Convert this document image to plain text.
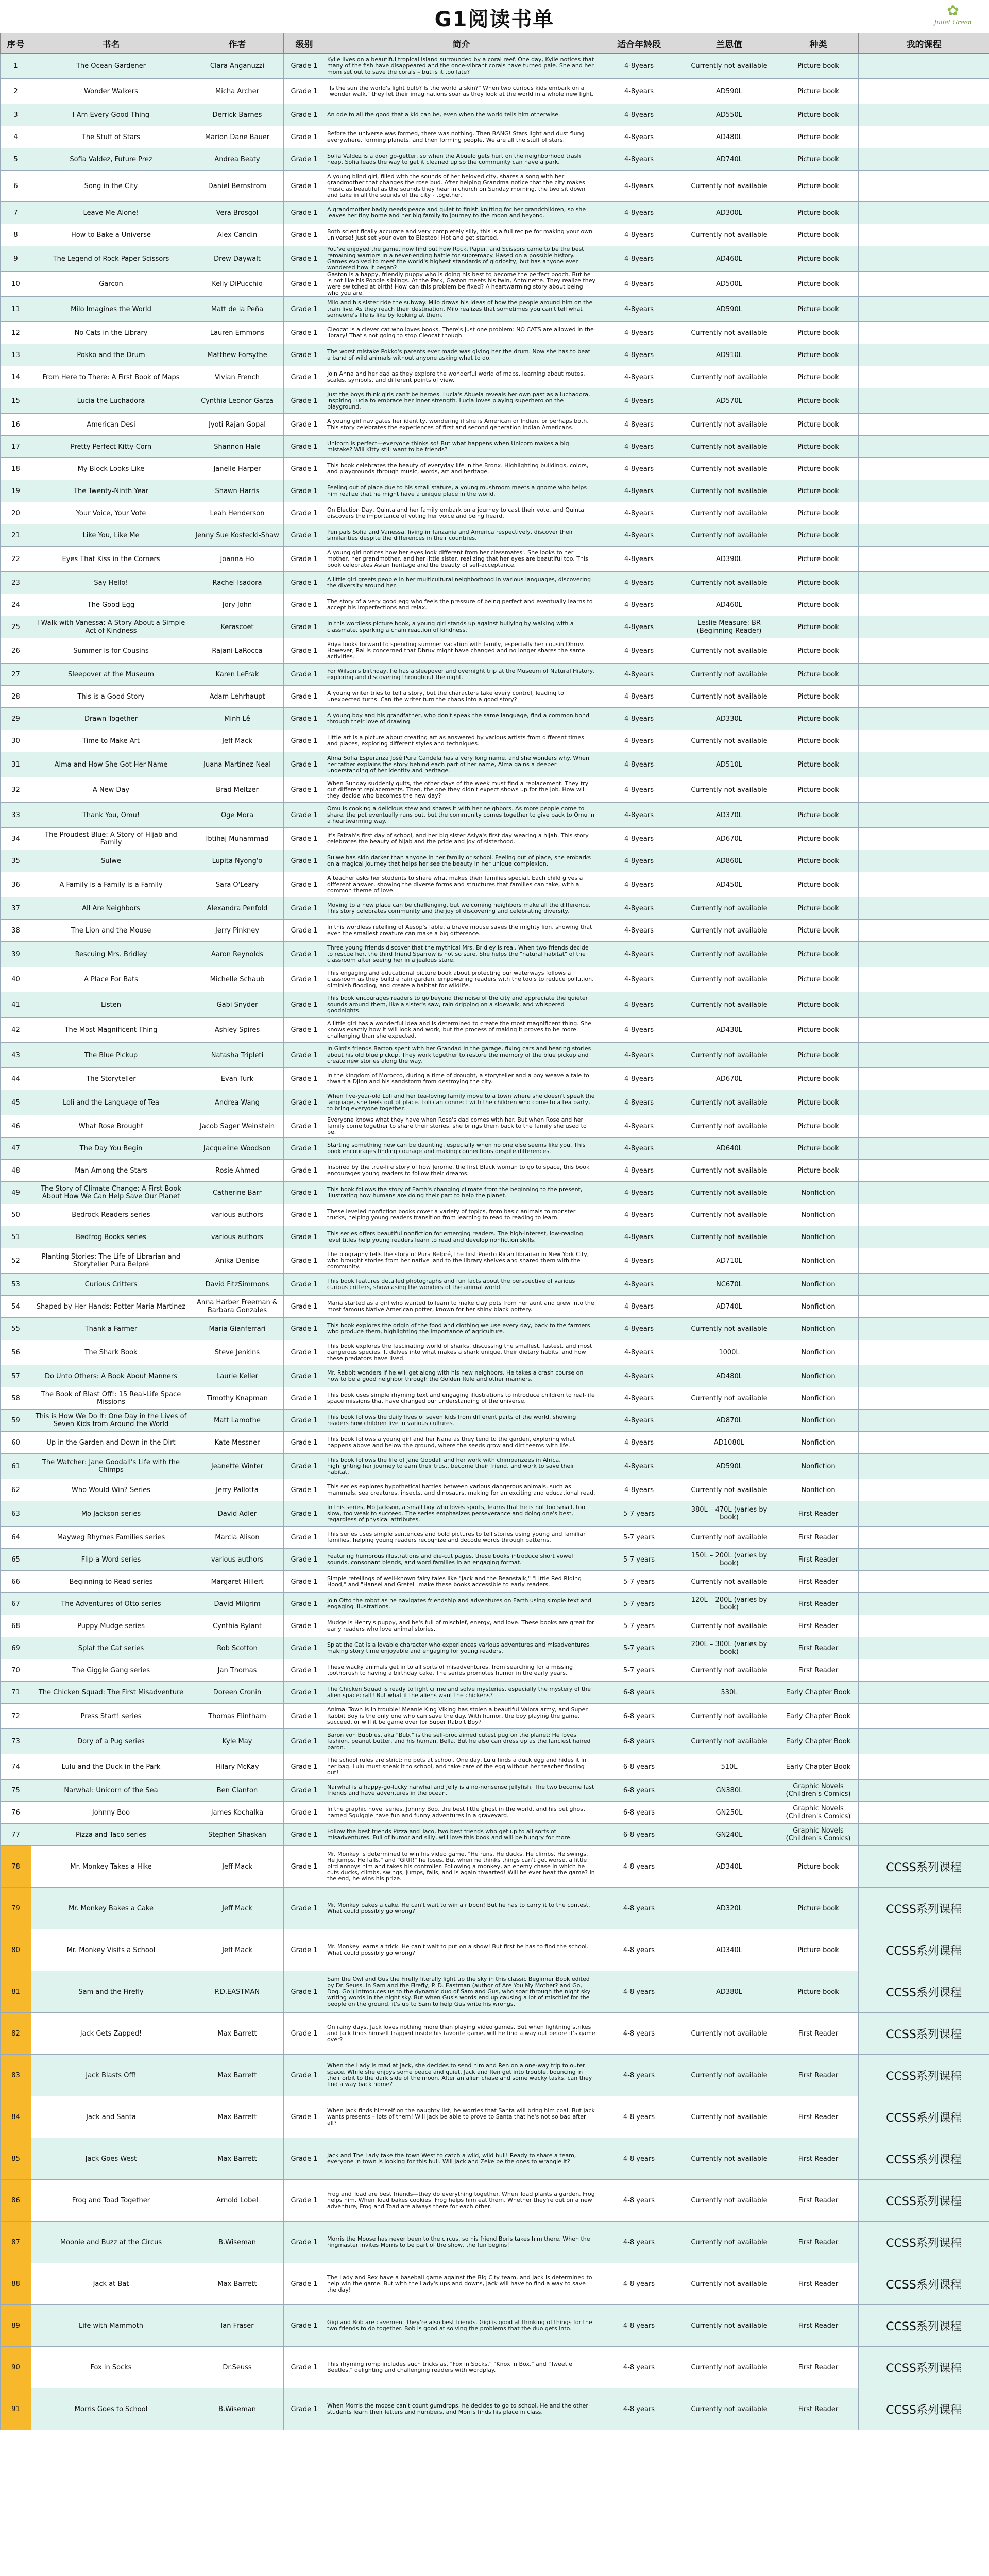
G1阅读书单	✿
Juliet Green
序号	书名	作者	级别	简介	适合年龄段	兰思值	种类	我的课程
1	The Ocean Gardener	Clara Anganuzzi	Grade 1	Kylie lives on a beautiful tropical island surrounded by a coral reef. One day, Kylie notices that many of the fish have disappeared and the once-vibrant corals have turned pale. She and her mom set out to save the corals – but is it too late?	4-8years	Currently not available	Picture book	
2	Wonder Walkers	Micha Archer	Grade 1	"Is the sun the world's light bulb? Is the world a skin?" When two curious kids embark on a "wonder walk," they let their imaginations soar as they look at the world in a whole new light.	4-8years	AD590L	Picture book	
3	I Am Every Good Thing	Derrick Barnes	Grade 1	An ode to all the good that a kid can be, even when the world tells him otherwise.	4-8years	AD550L	Picture book	
4	The Stuff of Stars	Marion Dane Bauer	Grade 1	Before the universe was formed, there was nothing. Then BANG! Stars light and dust flung everywhere, forming planets, and then forming people. We are all the stuff of stars.	4-8years	AD480L	Picture book	
5	Sofia Valdez, Future Prez	Andrea Beaty	Grade 1	Sofia Valdez is a doer go-getter, so when the Abuelo gets hurt on the neighborhood trash heap, Sofia leads the way to get it cleaned up so the community can have a park.	4-8years	AD740L	Picture book	
6	Song in the City	Daniel Bernstrom	Grade 1	A young blind girl, filled with the sounds of her beloved city, shares a song with her grandmother that changes the rose bud. After helping Grandma notice that the city makes music as beautiful as the sounds they hear in church on Sunday morning, the two sit down and take in all the sounds of the city - together.	4-8years	Currently not available	Picture book	
7	Leave Me Alone!	Vera Brosgol	Grade 1	A grandmother badly needs peace and quiet to finish knitting for her grandchildren, so she leaves her tiny home and her big family to journey to the moon and beyond.	4-8years	AD300L	Picture book	
8	How to Bake a Universe	Alex Candin	Grade 1	Both scientifically accurate and very completely silly, this is a full recipe for making your own universe! Just set your oven to Blastoo! Hot and get started.	4-8years	Currently not available	Picture book	
9	The Legend of Rock Paper Scissors	Drew Daywalt	Grade 1	You've enjoyed the game, now find out how Rock, Paper, and Scissors came to be the best remaining warriors in a never-ending battle for supremacy. Based on a possible history. Games evolved to meet the world's highest standards of gloriosity, but has anyone ever wondered how it began?	4-8years	AD460L	Picture book	
10	Garcon	Kelly DiPucchio	Grade 1	Gaston is a happy, friendly puppy who is doing his best to become the perfect pooch. But he is not like his Poodle siblings. At the Park, Gaston meets his twin, Antoinette. They realize they were switched at birth! How can this problem be fixed? A heartwarming story about being who you are.	4-8years	AD500L	Picture book	
11	Milo Imagines the World	Matt de la Peña	Grade 1	Milo and his sister ride the subway. Milo draws his ideas of how the people around him on the train live. As they reach their destination, Milo realizes that sometimes you can't tell what someone's life is like by looking at them.	4-8years	AD590L	Picture book	
12	No Cats in the Library	Lauren Emmons	Grade 1	Cleocat is a clever cat who loves books. There's just one problem: NO CATS are allowed in the library! That's not going to stop Cleocat though.	4-8years	Currently not available	Picture book	
13	Pokko and the Drum	Matthew Forsythe	Grade 1	The worst mistake Pokko's parents ever made was giving her the drum. Now she has to beat a band of wild animals without anyone asking what to do.	4-8years	AD910L	Picture book	
14	From Here to There: A First Book of Maps	Vivian French	Grade 1	Join Anna and her dad as they explore the wonderful world of maps, learning about routes, scales, symbols, and different points of view.	4-8years	Currently not available	Picture book	
15	Lucia the Luchadora	Cynthia Leonor Garza	Grade 1	Just the boys think girls can't be heroes. Lucia's Abuela reveals her own past as a luchadora, inspiring Lucia to embrace her inner strength. Lucia loves playing superhero on the playground.	4-8years	AD570L	Picture book	
16	American Desi	Jyoti Rajan Gopal	Grade 1	A young girl navigates her identity, wondering if she is American or Indian, or perhaps both. This story celebrates the experiences of first and second generation Indian Americans.	4-8years	Currently not available	Picture book	
17	Pretty Perfect Kitty-Corn	Shannon Hale	Grade 1	Unicorn is perfect—everyone thinks so! But what happens when Unicorn makes a big mistake? Will Kitty still want to be friends?	4-8years	Currently not available	Picture book	
18	My Block Looks Like	Janelle Harper	Grade 1	This book celebrates the beauty of everyday life in the Bronx. Highlighting buildings, colors, and playgrounds through music, words, art and heritage.	4-8years	Currently not available	Picture book	
19	The Twenty-Ninth Year	Shawn Harris	Grade 1	Feeling out of place due to his small stature, a young mushroom meets a gnome who helps him realize that he might have a unique place in the world.	4-8years	Currently not available	Picture book	
20	Your Voice, Your Vote	Leah Henderson	Grade 1	On Election Day, Quinta and her family embark on a journey to cast their vote, and Quinta discovers the importance of voting her voice and being heard.	4-8years	Currently not available	Picture book	
21	Like You, Like Me	Jenny Sue Kostecki-Shaw	Grade 1	Pen pals Sofia and Vanessa, living in Tanzania and America respectively, discover their similarities despite the differences in their countries.	4-8years	Currently not available	Picture book	
22	Eyes That Kiss in the Corners	Joanna Ho	Grade 1	A young girl notices how her eyes look different from her classmates'. She looks to her mother, her grandmother, and her little sister, realizing that her eyes are beautiful too. This book celebrates Asian heritage and the beauty of self-acceptance.	4-8years	AD390L	Picture book	
23	Say Hello!	Rachel Isadora	Grade 1	A little girl greets people in her multicultural neighborhood in various languages, discovering the diversity around her.	4-8years	Currently not available	Picture book	
24	The Good Egg	Jory John	Grade 1	The story of a very good egg who feels the pressure of being perfect and eventually learns to accept his imperfections and relax.	4-8years	AD460L	Picture book	
25	I Walk with Vanessa: A Story About a Simple Act of Kindness	Kerascoet	Grade 1	In this wordless picture book, a young girl stands up against bullying by walking with a classmate, sparking a chain reaction of kindness.	4-8years	Leslie Measure: BR (Beginning Reader)	Picture book	
26	Summer is for Cousins	Rajani LaRocca	Grade 1	Priya looks forward to spending summer vacation with family, especially her cousin Dhruv. However, Rai is concerned that Dhruv might have changed and no longer shares the same activities.	4-8years	Currently not available	Picture book	
27	Sleepover at the Museum	Karen LeFrak	Grade 1	For Wilson's birthday, he has a sleepover and overnight trip at the Museum of Natural History, exploring and discovering throughout the night.	4-8years	Currently not available	Picture book	
28	This is a Good Story	Adam Lehrhaupt	Grade 1	A young writer tries to tell a story, but the characters take every control, leading to unexpected turns. Can the writer turn the chaos into a good story?	4-8years	Currently not available	Picture book	
29	Drawn Together	Minh Lê	Grade 1	A young boy and his grandfather, who don't speak the same language, find a common bond through their love of drawing.	4-8years	AD330L	Picture book	
30	Time to Make Art	Jeff Mack	Grade 1	Little art is a picture about creating art as answered by various artists from different times and places, exploring different styles and techniques.	4-8years	Currently not available	Picture book	
31	Alma and How She Got Her Name	Juana Martinez-Neal	Grade 1	Alma Sofia Esperanza José Pura Candela has a very long name, and she wonders why. When her father explains the story behind each part of her name, Alma gains a deeper understanding of her identity and heritage.	4-8years	AD510L	Picture book	
32	A New Day	Brad Meltzer	Grade 1	When Sunday suddenly quits, the other days of the week must find a replacement. They try out different replacements. Then, the one they didn't expect shows up for the job. How will they decide who becomes the new day?	4-8years	Currently not available	Picture book	
33	Thank You, Omu!	Oge Mora	Grade 1	Omu is cooking a delicious stew and shares it with her neighbors. As more people come to share, the pot eventually runs out, but the community comes together to give back to Omu in a heartwarming way.	4-8years	AD370L	Picture book	
34	The Proudest Blue: A Story of Hijab and Family	Ibtihaj Muhammad	Grade 1	It's Faizah's first day of school, and her big sister Asiya's first day wearing a hijab. This story celebrates the beauty of hijab and the pride and joy of sisterhood.	4-8years	AD670L	Picture book	
35	Sulwe	Lupita Nyong'o	Grade 1	Sulwe has skin darker than anyone in her family or school. Feeling out of place, she embarks on a magical journey that helps her see the beauty in her unique complexion.	4-8years	AD860L	Picture book	
36	A Family is a Family is a Family	Sara O'Leary	Grade 1	A teacher asks her students to share what makes their families special. Each child gives a different answer, showing the diverse forms and structures that families can take, with a common theme of love.	4-8years	AD450L	Picture book	
37	All Are Neighbors	Alexandra Penfold	Grade 1	Moving to a new place can be challenging, but welcoming neighbors make all the difference. This story celebrates community and the joy of discovering and celebrating diversity.	4-8years	Currently not available	Picture book	
38	The Lion and the Mouse	Jerry Pinkney	Grade 1	In this wordless retelling of Aesop's fable, a brave mouse saves the mighty lion, showing that even the smallest creature can make a big difference.	4-8years	Currently not available	Picture book	
39	Rescuing Mrs. Bridley	Aaron Reynolds	Grade 1	Three young friends discover that the mythical Mrs. Bridley is real. When two friends decide to rescue her, the third friend Sparrow is not so sure. She helps the "natural habitat" of the classroom after seeing her in a jealous stare.	4-8years	Currently not available	Picture book	
40	A Place For Bats	Michelle Schaub	Grade 1	This engaging and educational picture book about protecting our waterways follows a classroom as they build a rain garden, empowering readers with the tools to reduce pollution, diminish flooding, and create a habitat for wildlife.	4-8years	Currently not available	Picture book	
41	Listen	Gabi Snyder	Grade 1	This book encourages readers to go beyond the noise of the city and appreciate the quieter sounds around them, like a sister's saw, rain dripping on a sidewalk, and whispered goodnights.	4-8years	Currently not available	Picture book	
42	The Most Magnificent Thing	Ashley Spires	Grade 1	A little girl has a wonderful idea and is determined to create the most magnificent thing. She knows exactly how it will look and work, but the process of making it proves to be more challenging than she expected.	4-8years	AD430L	Picture book	
43	The Blue Pickup	Natasha Tripleti	Grade 1	In Gird's friends Barton spent with her Grandad in the garage, fixing cars and hearing stories about his old blue pickup. They work together to restore the memory of the blue pickup and create new stories along the way.	4-8years	Currently not available	Picture book	
44	The Storyteller	Evan Turk	Grade 1	In the kingdom of Morocco, during a time of drought, a storyteller and a boy weave a tale to thwart a Djinn and his sandstorm from destroying the city.	4-8years	AD670L	Picture book	
45	Loli and the Language of Tea	Andrea Wang	Grade 1	When five-year-old Loli and her tea-loving family move to a town where she doesn't speak the language, she feels out of place. Loli can connect with the children who come to a tea party, to bring everyone together.	4-8years	Currently not available	Picture book	
46	What Rose Brought	Jacob Sager Weinstein	Grade 1	Everyone knows what they have when Rose's dad comes with her. But when Rose and her family come together to share their stories, she brings them back to the family she used to be.	4-8years	Currently not available	Picture book	
47	The Day You Begin	Jacqueline Woodson	Grade 1	Starting something new can be daunting, especially when no one else seems like you. This book encourages finding courage and making connections despite differences.	4-8years	AD640L	Picture book	
48	Man Among the Stars	Rosie Ahmed	Grade 1	Inspired by the true-life story of how Jerome, the first Black woman to go to space, this book encourages young readers to follow their dreams.	4-8years	Currently not available	Picture book	
49	The Story of Climate Change: A First Book About How We Can Help Save Our Planet	Catherine Barr	Grade 1	This book follows the story of Earth's changing climate from the beginning to the present, illustrating how humans are doing their part to help the planet.	4-8years	Currently not available	Nonfiction	
50	Bedrock Readers series	various authors	Grade 1	These leveled nonfiction books cover a variety of topics, from basic animals to monster trucks, helping young readers transition from learning to read to reading to learn.	4-8years	Currently not available	Nonfiction	
51	Bedfrog Books series	various authors	Grade 1	This series offers beautiful nonfiction for emerging readers. The high-interest, low-reading level titles help young readers learn to read and develop nonfiction skills.	4-8years	Currently not available	Nonfiction	
52	Planting Stories: The Life of Librarian and Storyteller Pura Belpré	Anika Denise	Grade 1	The biography tells the story of Pura Belpré, the first Puerto Rican librarian in New York City, who brought stories from her native land to the library shelves and shared them with the community.	4-8years	AD710L	Nonfiction	
53	Curious Critters	David FitzSimmons	Grade 1	This book features detailed photographs and fun facts about the perspective of various curious critters, showcasing the wonders of the animal world.	4-8years	NC670L	Nonfiction	
54	Shaped by Her Hands: Potter Maria Martinez	Anna Harber Freeman & Barbara Gonzales	Grade 1	Maria started as a girl who wanted to learn to make clay pots from her aunt and grew into the most famous Native American potter, known for her shiny black pottery.	4-8years	AD740L	Nonfiction	
55	Thank a Farmer	Maria Gianferrari	Grade 1	This book explores the origin of the food and clothing we use every day, back to the farmers who produce them, highlighting the importance of agriculture.	4-8years	Currently not available	Nonfiction	
56	The Shark Book	Steve Jenkins	Grade 1	This book explores the fascinating world of sharks, discussing the smallest, fastest, and most dangerous species. It delves into what makes a shark unique, their dietary habits, and how these predators have lived.	4-8years	1000L	Nonfiction	
57	Do Unto Others: A Book About Manners	Laurie Keller	Grade 1	Mr. Rabbit wonders if he will get along with his new neighbors. He takes a crash course on how to be a good neighbor through the Golden Rule and other manners.	4-8years	AD480L	Nonfiction	
58	The Book of Blast Off!: 15 Real-Life Space Missions	Timothy Knapman	Grade 1	This book uses simple rhyming text and engaging illustrations to introduce children to real-life space missions that have changed our understanding of the universe.	4-8years	Currently not available	Nonfiction	
59	This is How We Do It: One Day in the Lives of Seven Kids from Around the World	Matt Lamothe	Grade 1	This book follows the daily lives of seven kids from different parts of the world, showing readers how children live in various cultures.	4-8years	AD870L	Nonfiction	
60	Up in the Garden and Down in the Dirt	Kate Messner	Grade 1	This book follows a young girl and her Nana as they tend to the garden, exploring what happens above and below the ground, where the seeds grow and dirt teems with life.	4-8years	AD1080L	Nonfiction	
61	The Watcher: Jane Goodall's Life with the Chimps	Jeanette Winter	Grade 1	This book follows the life of Jane Goodall and her work with chimpanzees in Africa, highlighting her journey to earn their trust, become their friend, and work to save their habitat.	4-8years	AD590L	Nonfiction	
62	Who Would Win? Series	Jerry Pallotta	Grade 1	This series explores hypothetical battles between various dangerous animals, such as mammals, sea creatures, insects, and dinosaurs, making for an exciting and educational read.	4-8years	Currently not available	Nonfiction	
63	Mo Jackson series	David Adler	Grade 1	In this series, Mo Jackson, a small boy who loves sports, learns that he is not too small, too slow, too weak to succeed. The series emphasizes perseverance and doing one's best, regardless of physical attributes.	5-7 years	380L – 470L (varies by book)	First Reader	
64	Mayweg Rhymes Families series	Marcia Alison	Grade 1	This series uses simple sentences and bold pictures to tell stories using young and familiar families, helping young readers recognize and decode words through patterns.	5-7 years	Currently not available	First Reader	
65	Flip-a-Word series	various authors	Grade 1	Featuring humorous illustrations and die-cut pages, these books introduce short vowel sounds, consonant blends, and word families in an engaging format.	5-7 years	150L – 200L (varies by book)	First Reader	
66	Beginning to Read series	Margaret Hillert	Grade 1	Simple retellings of well-known fairy tales like "Jack and the Beanstalk," "Little Red Riding Hood," and "Hansel and Gretel" make these books accessible to early readers.	5-7 years	Currently not available	First Reader	
67	The Adventures of Otto series	David Milgrim	Grade 1	Join Otto the robot as he navigates friendship and adventures on Earth using simple text and engaging illustrations.	5-7 years	120L – 200L (varies by book)	First Reader	
68	Puppy Mudge series	Cynthia Rylant	Grade 1	Mudge is Henry's puppy, and he's full of mischief, energy, and love. These books are great for early readers who love animal stories.	5-7 years	Currently not available	First Reader	
69	Splat the Cat series	Rob Scotton	Grade 1	Splat the Cat is a lovable character who experiences various adventures and misadventures, making story time enjoyable and engaging for young readers.	5-7 years	200L – 300L (varies by book)	First Reader	
70	The Giggle Gang series	Jan Thomas	Grade 1	These wacky animals get in to all sorts of misadventures, from searching for a missing toothbrush to having a birthday cake. The series promotes humor in the early years.	5-7 years	Currently not available	First Reader	
71	The Chicken Squad: The First Misadventure	Doreen Cronin	Grade 1	The Chicken Squad is ready to fight crime and solve mysteries, especially the mystery of the alien spacecraft! But what if the aliens want the chickens?	6-8 years	530L	Early Chapter Book	
72	Press Start! series	Thomas Flintham	Grade 1	Animal Town is in trouble! Meanie King Viking has stolen a beautiful Valora army, and Super Rabbit Boy is the only one who can save the day. With humor, the boy playing the game, succeed, or will it be game over for Super Rabbit Boy?	6-8 years	Currently not available	Early Chapter Book	
73	Dory of a Pug series	Kyle May	Grade 1	Baron von Bubbles, aka "Bub," is the self-proclaimed cutest pug on the planet: He loves fashion, peanut butter, and his human, Bella. But he also can dress up as the fanciest haired baron.	6-8 years	Currently not available	Early Chapter Book	
74	Lulu and the Duck in the Park	Hilary McKay	Grade 1	The school rules are strict: no pets at school. One day, Lulu finds a duck egg and hides it in her bag. Lulu must sneak it to school, and take care of the egg without her teacher finding out!	6-8 years	510L	Early Chapter Book	
75	Narwhal: Unicorn of the Sea	Ben Clanton	Grade 1	Narwhal is a happy-go-lucky narwhal and Jelly is a no-nonsense jellyfish. The two become fast friends and have adventures in the ocean.	6-8 years	GN380L	Graphic Novels (Children's Comics)	
76	Johnny Boo	James Kochalka	Grade 1	In the graphic novel series, Johnny Boo, the best little ghost in the world, and his pet ghost named Squiggle have fun and funny adventures in a graveyard.	6-8 years	GN250L	Graphic Novels (Children's Comics)	
77	Pizza and Taco series	Stephen Shaskan	Grade 1	Follow the best friends Pizza and Taco, two best friends who get up to all sorts of misadventures. Full of humor and silly, will love this book and will be hungry for more.	6-8 years	GN240L	Graphic Novels (Children's Comics)	
78	Mr. Monkey Takes a Hike	Jeff Mack	Grade 1	Mr. Monkey is determined to win his video game. "He runs. He ducks. He climbs. He swings. He jumps. He falls," and "GRR!" he loses. But when he thinks things can't get worse, a little bird annoys him and takes his controller. Following a monkey, an enemy chase in which he cuts ducks, climbs, swings, jumps, falls, and is again thwarted! Will he ever beat the game? In the end, he wins his prize.	4-8 years	AD340L	Picture book	CCSS系列课程
79	Mr. Monkey Bakes a Cake	Jeff Mack	Grade 1	Mr. Monkey bakes a cake. He can't wait to win a ribbon! But he has to carry it to the contest. What could possibly go wrong?	4-8 years	AD320L	Picture book	CCSS系列课程
80	Mr. Monkey Visits a School	Jeff Mack	Grade 1	Mr. Monkey learns a trick. He can't wait to put on a show! But first he has to find the school. What could possibly go wrong?	4-8 years	AD340L	Picture book	CCSS系列课程
81	Sam and the Firefly	P.D.EASTMAN	Grade 1	Sam the Owl and Gus the Firefly literally light up the sky in this classic Beginner Book edited by Dr. Seuss. In Sam and the Firefly, P. D. Eastman (author of Are You My Mother? and Go, Dog. Go!) introduces us to the dynamic duo of Sam and Gus, who soar through the night sky writing words in the night sky. But when Gus's words end up causing a lot of mischief for the people on the ground, it's up to Sam to help Gus write his wrongs.	4-8 years	AD380L	Picture book	CCSS系列课程
82	Jack Gets Zapped!	Max Barrett	Grade 1	On rainy days, Jack loves nothing more than playing video games. But when lightning strikes and Jack finds himself trapped inside his favorite game, will he find a way out before it's game over?	4-8 years	Currently not available	First Reader	CCSS系列课程
83	Jack Blasts Off!	Max Barrett	Grade 1	When the Lady is mad at Jack, she decides to send him and Ren on a one-way trip to outer space. While she enjoys some peace and quiet, Jack and Ren get into trouble, bouncing in their orbit to the dark side of the moon. After an alien chase and some wacky tasks, can they find a way back home?	4-8 years	Currently not available	First Reader	CCSS系列课程
84	Jack and Santa	Max Barrett	Grade 1	When Jack finds himself on the naughty list, he worries that Santa will bring him coal. But Jack wants presents – lots of them! Will Jack be able to prove to Santa that he's not so bad after all?	4-8 years	Currently not available	First Reader	CCSS系列课程
85	Jack Goes West	Max Barrett	Grade 1	Jack and The Lady take the town West to catch a wild, wild bull! Ready to share a team, everyone in town is looking for this bull. Will Jack and Zeke be the ones to wrangle it?	4-8 years	Currently not available	First Reader	CCSS系列课程
86	Frog and Toad Together	Arnold Lobel	Grade 1	Frog and Toad are best friends—they do everything together. When Toad plants a garden, Frog helps him. When Toad bakes cookies, Frog helps him eat them. Whether they're out on a new adventure, Frog and Toad are always there for each other.	4-8 years	Currently not available	First Reader	CCSS系列课程
87	Moonie and Buzz at the Circus	B.Wiseman	Grade 1	Morris the Moose has never been to the circus, so his friend Boris takes him there. When the ringmaster invites Morris to be part of the show, the fun begins!	4-8 years	Currently not available	First Reader	CCSS系列课程
88	Jack at Bat	Max Barrett	Grade 1	The Lady and Rex have a baseball game against the Big City team, and Jack is determined to help win the game. But with the Lady's ups and downs, Jack will have to find a way to save the day!	4-8 years	Currently not available	First Reader	CCSS系列课程
89	Life with Mammoth	Ian Fraser	Grade 1	Gigi and Bob are cavemen. They're also best friends. Gigi is good at thinking of things for the two friends to do together. Bob is good at solving the problems that the duo gets into.	4-8 years	Currently not available	First Reader	CCSS系列课程
90	Fox in Socks	Dr.Seuss	Grade 1	This rhyming romp includes such tricks as, "Fox in Socks," "Knox in Box," and "Tweetle Beetles," delighting and challenging readers with wordplay.	4-8 years	Currently not available	First Reader	CCSS系列课程
91	Morris Goes to School	B.Wiseman	Grade 1	When Morris the moose can't count gumdrops, he decides to go to school. He and the other students learn their letters and numbers, and Morris finds his place in class.	4-8 years	Currently not available	First Reader	CCSS系列课程
